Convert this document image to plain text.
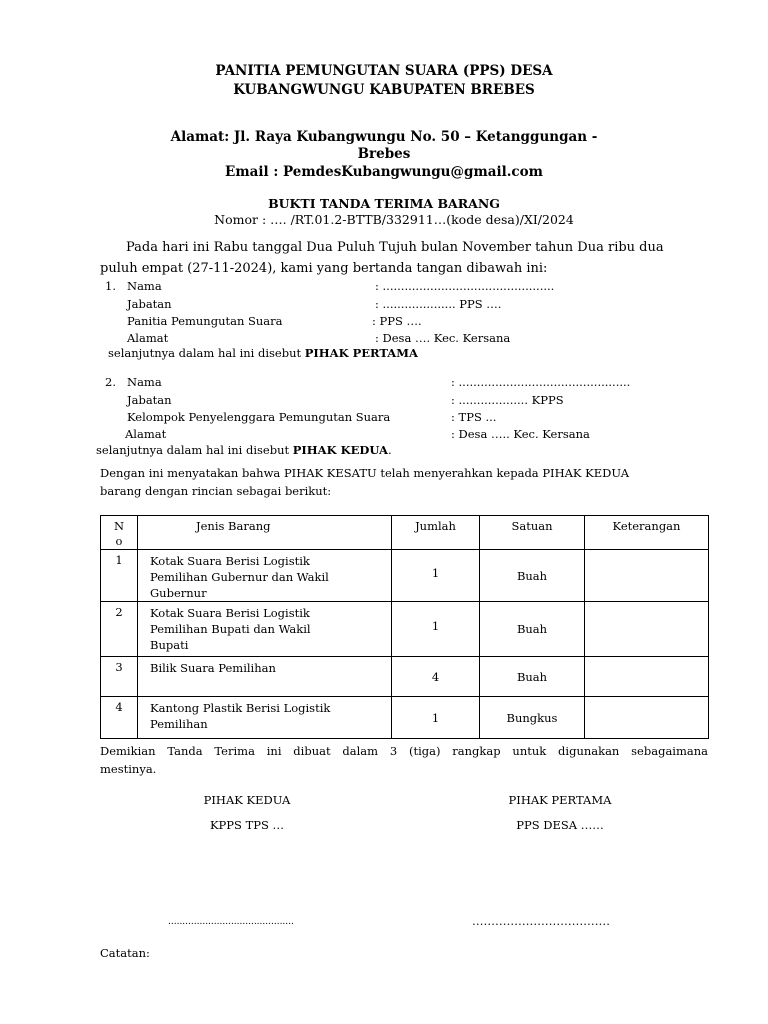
PANITIA PEMUNGUTAN SUARA (PPS) DESA
KUBANGWUNGU KABUPATEN BREBES
Alamat: Jl. Raya Kubangwungu No. 50 – Ketanggungan -
Brebes
Email : PemdesKubangwungu@gmail.com
BUKTI TANDA TERIMA BARANG
Nomor : …. /RT.01.2-BTTB/332911…(kode desa)/XI/2024
Pada hari ini Rabu tanggal Dua Puluh Tujuh bulan November tahun Dua ribu dua
puluh empat (27-11-2024), kami yang bertanda tangan dibawah ini:
1. Nama	: ...............................................
Jabatan	: .................... PPS ….
Panitia Pemungutan Suara	: PPS ….
Alamat	: Desa …. Kec. Kersana
selanjutnya dalam hal ini disebut PIHAK PERTAMA
2. Nama	: ...............................................
Jabatan	: ................... KPPS
Kelompok Penyelenggara Pemungutan Suara	: TPS ...
Alamat	: Desa ….. Kec. Kersana
selanjutnya dalam hal ini disebut PIHAK KEDUA.
Dengan ini menyatakan bahwa PIHAK KESATU telah menyerahkan kepada PIHAK KEDUA
barang dengan rincian sebagai berikut:
N
o	Jenis Barang	Jumlah	Satuan	Keterangan
1	Kotak Suara Berisi Logistik Pemilihan Gubernur dan Wakil Gubernur	1	Buah	
2	Kotak Suara Berisi Logistik Pemilihan Bupati dan Wakil Bupati	1	Buah	
3	Bilik Suara Pemilihan	4	Buah	
4	Kantong Plastik Berisi Logistik Pemilihan	1	Bungkus	
Demikian Tanda Terima ini dibuat dalam 3 (tiga) rangkap untuk digunakan sebagaimana
mestinya.
PIHAK KEDUA
KPPS TPS …
PIHAK PERTAMA
PPS DESA ……
............................................	………………………………
Catatan:
